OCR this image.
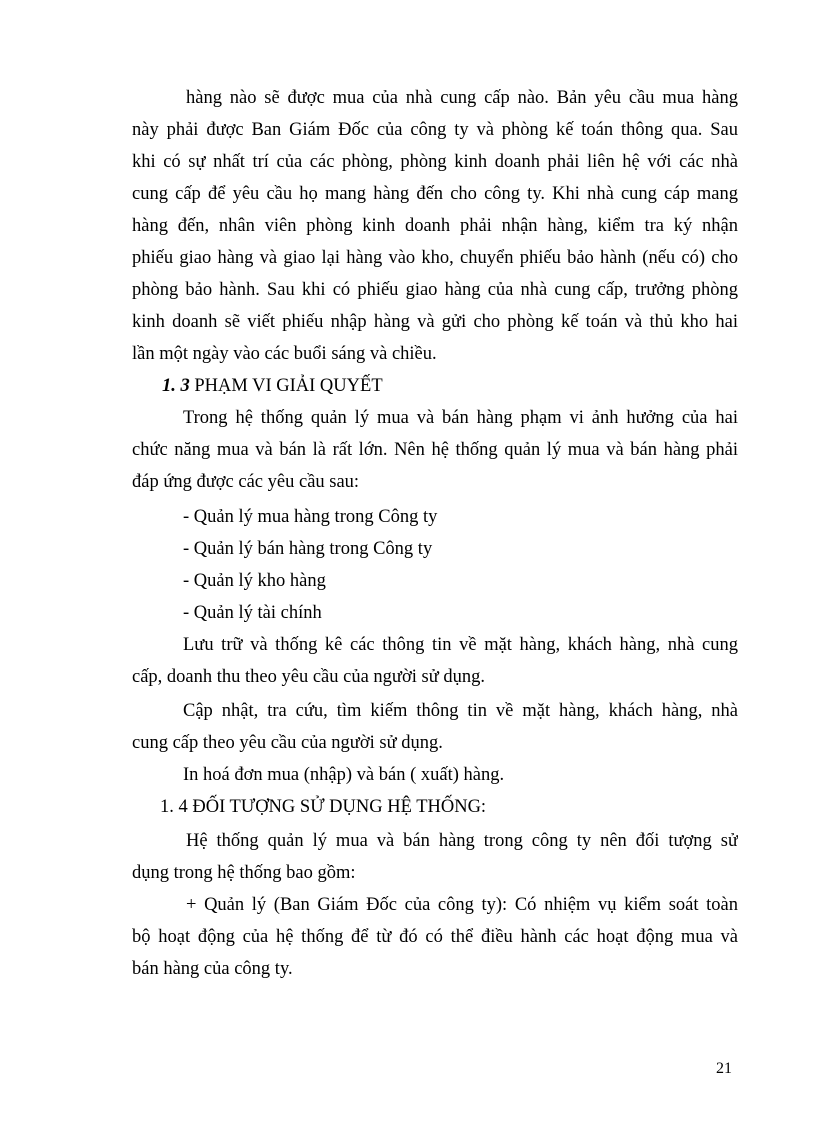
hàng nào sẽ được mua của nhà cung cấp nào. Bản yêu cầu mua hàng
này phải được Ban Giám Đốc của công ty và phòng kế toán thông qua. Sau
khi có sự nhất trí của các phòng, phòng kinh doanh phải liên hệ với các nhà
cung cấp để yêu cầu họ mang hàng đến cho công ty. Khi nhà cung cáp mang
hàng đến, nhân viên phòng kinh doanh phải nhận hàng, kiểm tra ký nhận
phiếu giao hàng và giao lại hàng vào kho, chuyển phiếu bảo hành (nếu có) cho
phòng bảo hành. Sau khi có phiếu giao hàng của nhà cung cấp, trưởng phòng
kinh doanh sẽ viết phiếu nhập hàng và gửi cho phòng kế toán và thủ kho hai
lần một ngày vào các buổi sáng và chiều.
1. 3 PHẠM VI GIẢI QUYẾT
Trong hệ thống quản lý mua và bán hàng phạm vi ảnh hưởng của hai
chức năng mua và bán là rất lớn. Nên hệ thống quản lý mua và bán hàng phải
đáp ứng được các yêu cầu sau:
- Quản lý mua hàng trong Công ty
- Quản lý bán hàng trong Công ty
- Quản lý kho hàng
- Quản lý tài chính
Lưu trữ và thống kê các thông tin về mặt hàng, khách hàng, nhà cung
cấp, doanh thu theo yêu cầu của người sử dụng.
Cập nhật, tra cứu, tìm kiếm thông tin về mặt hàng, khách hàng, nhà
cung cấp theo yêu cầu của người sử dụng.
In hoá đơn mua (nhập) và bán ( xuất) hàng.
1. 4 ĐỐI TƯỢNG SỬ DỤNG HỆ THỐNG:
Hệ thống quản lý mua và bán hàng trong công ty nên đối tượng sử
dụng trong hệ thống bao gồm:
+ Quản lý (Ban Giám Đốc của công ty): Có nhiệm vụ kiểm soát toàn
bộ hoạt động của hệ thống để từ đó có thể điều hành các hoạt động mua và
bán hàng của công ty.
21
